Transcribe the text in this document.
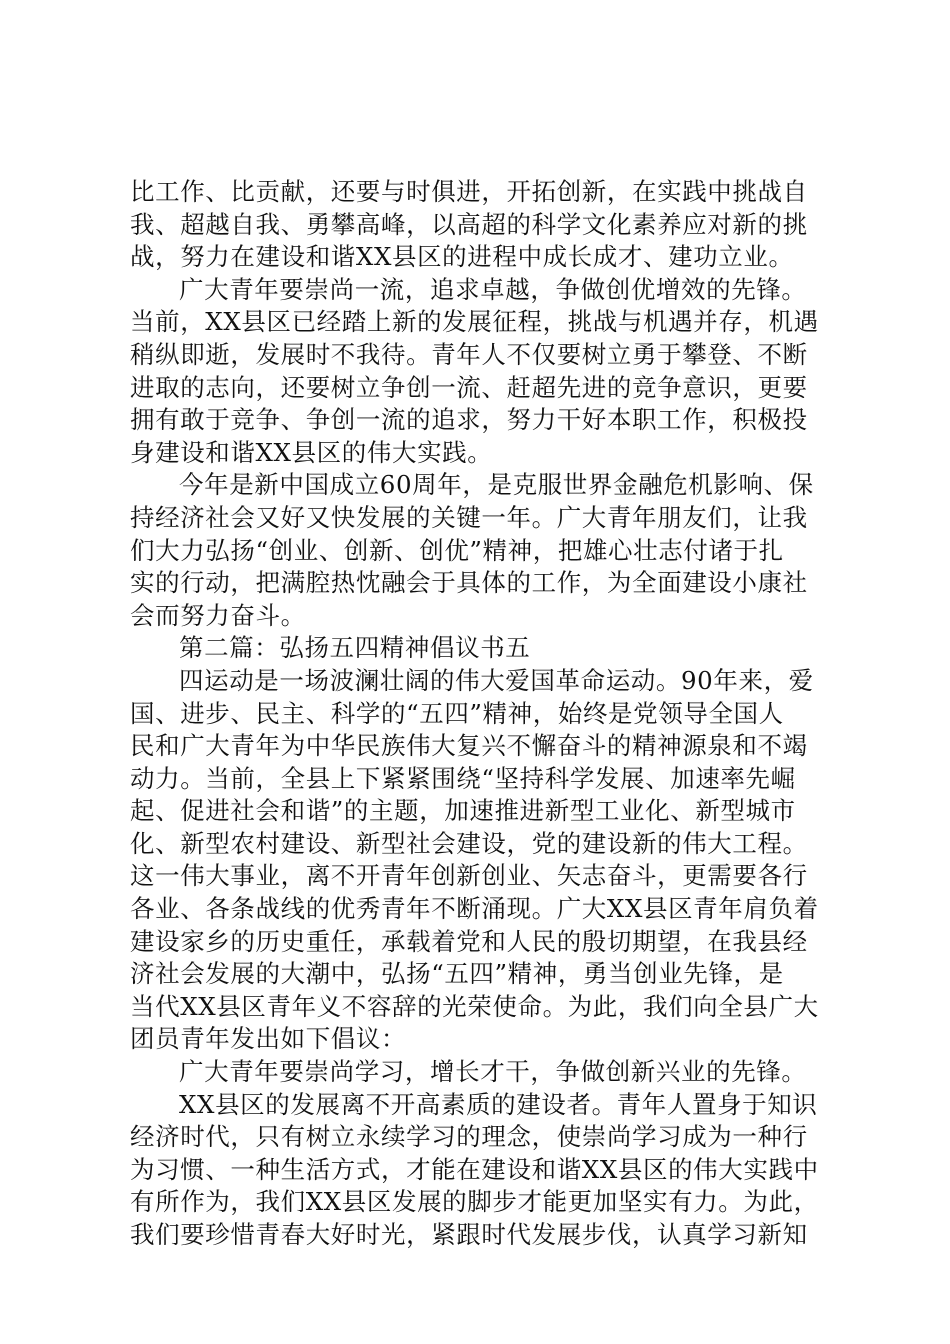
比工作、比贡献，还要与时俱进，开拓创新，在实践中挑战自
我、超越自我、勇攀高峰，以高超的科学文化素养应对新的挑
战，努力在建设和谐XX县区的进程中成长成才、建功立业。
广大青年要崇尚一流，追求卓越，争做创优增效的先锋。
当前，XX县区已经踏上新的发展征程，挑战与机遇并存，机遇
稍纵即逝，发展时不我待。青年人不仅要树立勇于攀登、不断
进取的志向，还要树立争创一流、赶超先进的竞争意识，更要
拥有敢于竞争、争创一流的追求，努力干好本职工作，积极投
身建设和谐XX县区的伟大实践。
今年是新中国成立60周年，是克服世界金融危机影响、保
持经济社会又好又快发展的关键一年。广大青年朋友们，让我
们大力弘扬“创业、创新、创优”精神，把雄心壮志付诸于扎
实的行动，把满腔热忱融会于具体的工作，为全面建设小康社
会而努力奋斗。
第二篇：弘扬五四精神倡议书五
四运动是一场波澜壮阔的伟大爱国革命运动。90年来，爱
国、进步、民主、科学的“五四”精神，始终是党领导全国人
民和广大青年为中华民族伟大复兴不懈奋斗的精神源泉和不竭
动力。当前，全县上下紧紧围绕“坚持科学发展、加速率先崛
起、促进社会和谐”的主题，加速推进新型工业化、新型城市
化、新型农村建设、新型社会建设，党的建设新的伟大工程。
这一伟大事业，离不开青年创新创业、矢志奋斗，更需要各行
各业、各条战线的优秀青年不断涌现。广大XX县区青年肩负着
建设家乡的历史重任，承载着党和人民的殷切期望，在我县经
济社会发展的大潮中，弘扬“五四”精神，勇当创业先锋，是
当代XX县区青年义不容辞的光荣使命。为此，我们向全县广大
团员青年发出如下倡议：
广大青年要崇尚学习，增长才干，争做创新兴业的先锋。
XX县区的发展离不开高素质的建设者。青年人置身于知识
经济时代，只有树立永续学习的理念，使崇尚学习成为一种行
为习惯、一种生活方式，才能在建设和谐XX县区的伟大实践中
有所作为，我们XX县区发展的脚步才能更加坚实有力。为此，
我们要珍惜青春大好时光，紧跟时代发展步伐，认真学习新知
